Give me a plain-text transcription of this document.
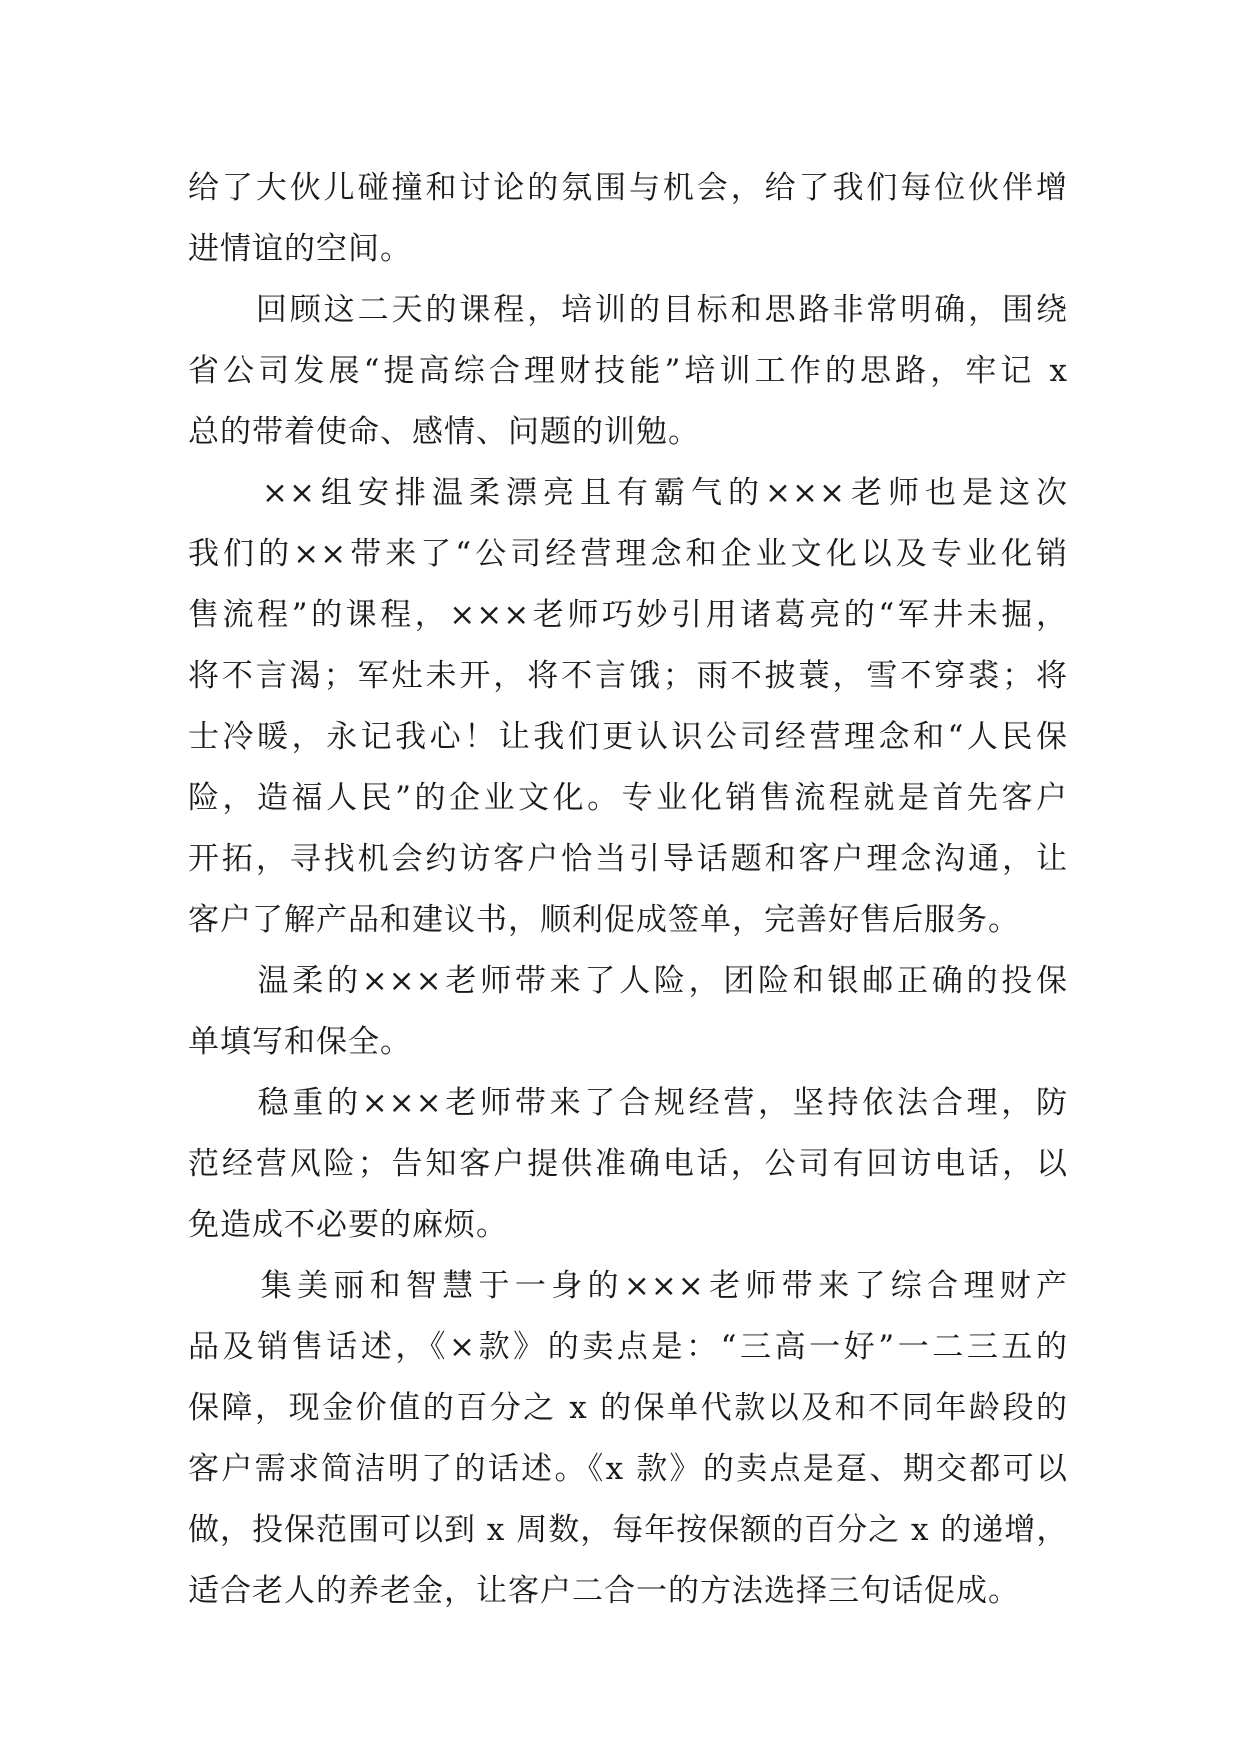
给了大伙儿碰撞和讨论的氛围与机会，给了我们每位伙伴增
进情谊的空间。
　　回顾这二天的课程，培训的目标和思路非常明确，围绕
省公司发展“提高综合理财技能”培训工作的思路，牢记 x
总的带着使命、感情、问题的训勉。
　　××组安排温柔漂亮且有霸气的×××老师也是这次
我们的××带来了“公司经营理念和企业文化以及专业化销
售流程”的课程，×××老师巧妙引用诸葛亮的“军井未掘，
将不言渴；军灶未开，将不言饿；雨不披蓑，雪不穿裘；将
士冷暖，永记我心！让我们更认识公司经营理念和“人民保
险，造福人民”的企业文化。专业化销售流程就是首先客户
开拓，寻找机会约访客户恰当引导话题和客户理念沟通，让
客户了解产品和建议书，顺利促成签单，完善好售后服务。
　　温柔的×××老师带来了人险，团险和银邮正确的投保
单填写和保全。
　　稳重的×××老师带来了合规经营，坚持依法合理，防
范经营风险；告知客户提供准确电话，公司有回访电话，以
免造成不必要的麻烦。
　　集美丽和智慧于一身的×××老师带来了综合理财产
品及销售话述，《×款》的卖点是：“三高一好”一二三五的
保障，现金价值的百分之 x 的保单代款以及和不同年龄段的
客户需求简洁明了的话述。《x 款》的卖点是趸、期交都可以
做，投保范围可以到 x 周数，每年按保额的百分之 x 的递增，
适合老人的养老金，让客户二合一的方法选择三句话促成。
